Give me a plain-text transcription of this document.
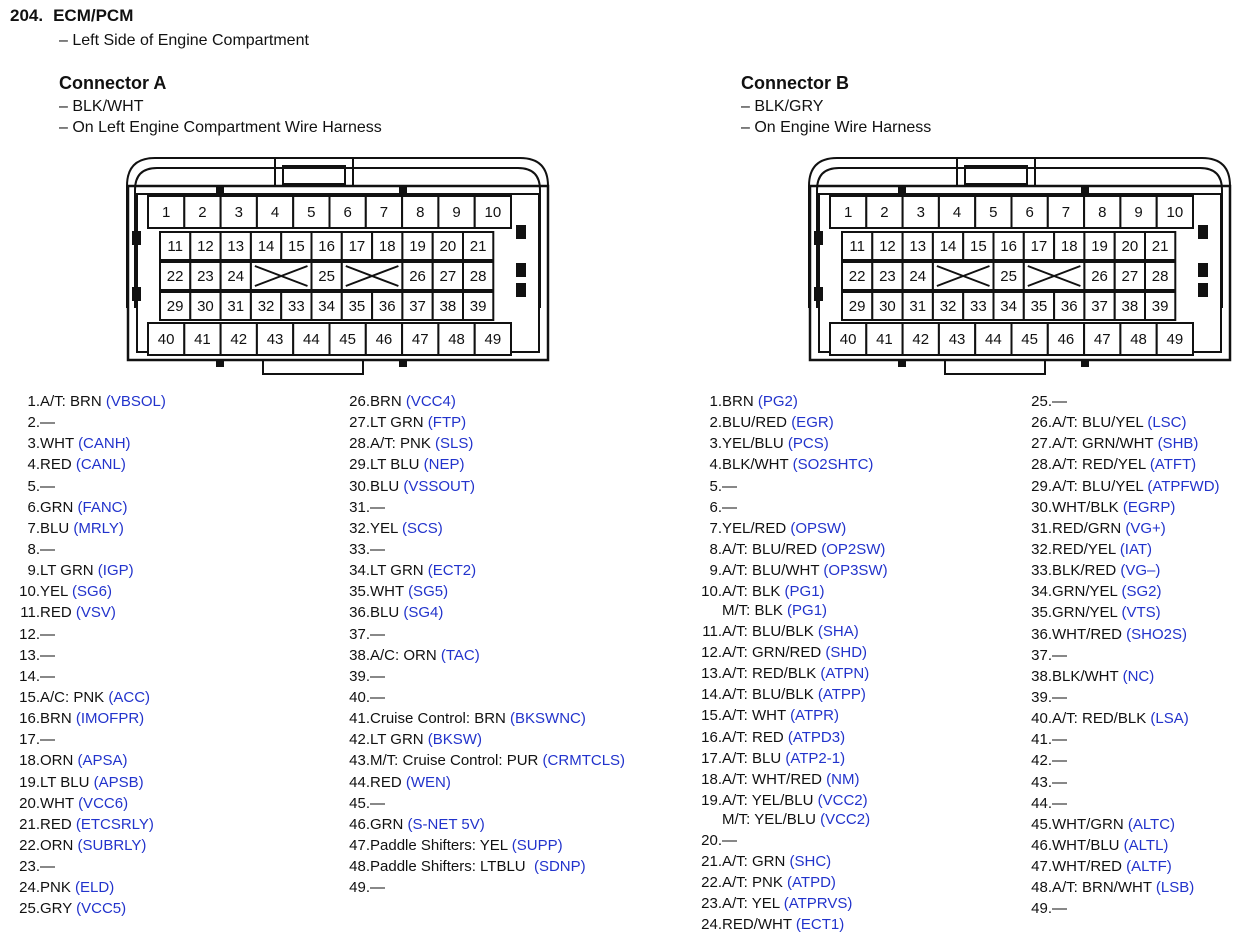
204. ECM/PCM
– Left Side of Engine Compartment
Connector A
– BLK/WHT
– On Left Engine Compartment Wire Harness
Connector B
– BLK/GRY
– On Engine Wire Harness
1 2 3 4 5 6 7 8 9 10
11 12 13 14 15 16 17 18 19 20 21
22 23 24	25	26 27 28
29 30 31 32 33 34 35 36 37 38 39
40 41 42 43 44 45 46 47 48 49
1 2 3 4 5 6 7 8 9 10
11 12 13 14 15 16 17 18 19 20 21
22 23 24	25	26 27 28
29 30 31 32 33 34 35 36 37 38 39
40 41 42 43 44 45 46 47 48 49
1. A/T: BRN (VBSOL)
2. —
3. WHT (CANH)
4. RED (CANL)
5. —
6. GRN (FANC)
7. BLU (MRLY)
8. —
9. LT GRN (IGP)
10. YEL (SG6)
11. RED (VSV)
12. —
13. —
14. —
15. A/C: PNK (ACC)
16. BRN (IMOFPR)
17. —
18. ORN (APSA)
19. LT BLU (APSB)
20. WHT (VCC6)
21. RED (ETCSRLY)
22. ORN (SUBRLY)
23. —
24. PNK (ELD)
25. GRY (VCC5)
26. BRN (VCC4)
27. LT GRN (FTP)
28. A/T: PNK (SLS)
29. LT BLU (NEP)
30. BLU (VSSOUT)
31. —
32. YEL (SCS)
33. —
34. LT GRN (ECT2)
35. WHT (SG5)
36. BLU (SG4)
37. —
38. A/C: ORN (TAC)
39. —
40. —
41. Cruise Control: BRN (BKSWNC)
42. LT GRN (BKSW)
43. M/T: Cruise Control: PUR (CRMTCLS)
44. RED (WEN)
45. —
46. GRN (S-NET 5V)
47. Paddle Shifters: YEL (SUPP)
48. Paddle Shifters: LTBLU  (SDNP)
49. —
1. BRN (PG2)
2. BLU/RED (EGR)
3. YEL/BLU (PCS)
4. BLK/WHT (SO2SHTC)
5. —
6. —
7. YEL/RED (OPSW)
8. A/T: BLU/RED (OP2SW)
9. A/T: BLU/WHT (OP3SW)
10. A/T: BLK (PG1)
M/T: BLK (PG1)
11. A/T: BLU/BLK (SHA)
12. A/T: GRN/RED (SHD)
13. A/T: RED/BLK (ATPN)
14. A/T: BLU/BLK (ATPP)
15. A/T: WHT (ATPR)
16. A/T: RED (ATPD3)
17. A/T: BLU (ATP2-1)
18. A/T: WHT/RED (NM)
19. A/T: YEL/BLU (VCC2)
M/T: YEL/BLU (VCC2)
20. —
21. A/T: GRN (SHC)
22. A/T: PNK (ATPD)
23. A/T: YEL (ATPRVS)
24. RED/WHT (ECT1)
25. —
26. A/T: BLU/YEL (LSC)
27. A/T: GRN/WHT (SHB)
28. A/T: RED/YEL (ATFT)
29. A/T: BLU/YEL (ATPFWD)
30. WHT/BLK (EGRP)
31. RED/GRN (VG+)
32. RED/YEL (IAT)
33. BLK/RED (VG–)
34. GRN/YEL (SG2)
35. GRN/YEL (VTS)
36. WHT/RED (SHO2S)
37. —
38. BLK/WHT (NC)
39. —
40. A/T: RED/BLK (LSA)
41. —
42. —
43. —
44. —
45. WHT/GRN (ALTC)
46. WHT/BLU (ALTL)
47. WHT/RED (ALTF)
48. A/T: BRN/WHT (LSB)
49. —
